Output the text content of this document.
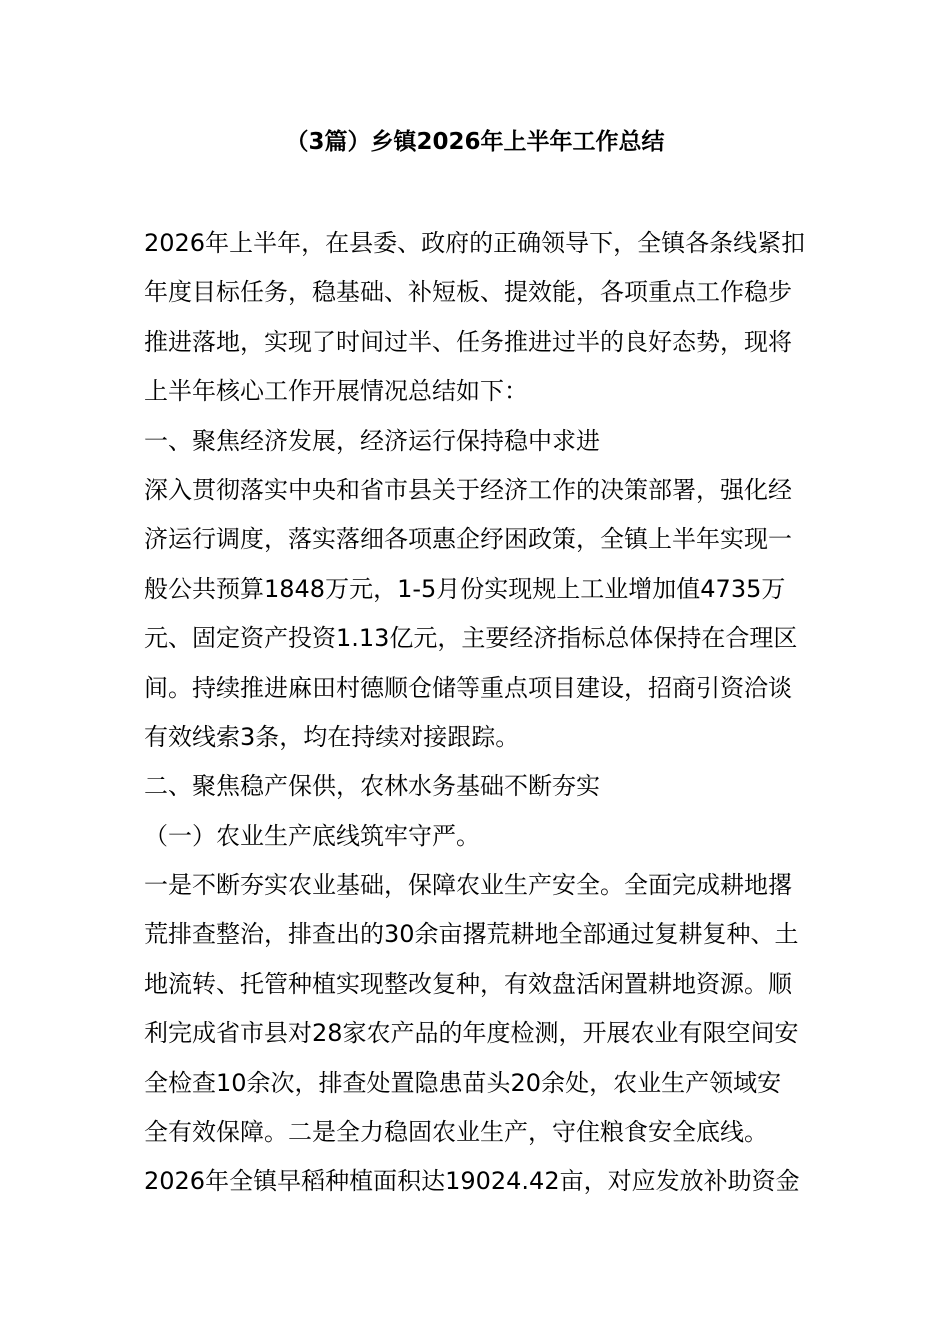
（3篇）乡镇2026年上半年工作总结
2026年上半年，在县委、政府的正确领导下，全镇各条线紧扣
年度目标任务，稳基础、补短板、提效能，各项重点工作稳步
推进落地，实现了时间过半、任务推进过半的良好态势，现将
上半年核心工作开展情况总结如下：
一、聚焦经济发展，经济运行保持稳中求进
深入贯彻落实中央和省市县关于经济工作的决策部署，强化经
济运行调度，落实落细各项惠企纾困政策，全镇上半年实现一
般公共预算1848万元，1-5月份实现规上工业增加值4735万
元、固定资产投资1.13亿元，主要经济指标总体保持在合理区
间。持续推进麻田村德顺仓储等重点项目建设，招商引资洽谈
有效线索3条，均在持续对接跟踪。
二、聚焦稳产保供，农林水务基础不断夯实
（一）农业生产底线筑牢守严。
一是不断夯实农业基础，保障农业生产安全。全面完成耕地撂
荒排查整治，排查出的30余亩撂荒耕地全部通过复耕复种、土
地流转、托管种植实现整改复种，有效盘活闲置耕地资源。顺
利完成省市县对28家农产品的年度检测，开展农业有限空间安
全检查10余次，排查处置隐患苗头20余处，农业生产领域安
全有效保障。二是全力稳固农业生产，守住粮食安全底线。
2026年全镇早稻种植面积达19024.42亩，对应发放补助资金
